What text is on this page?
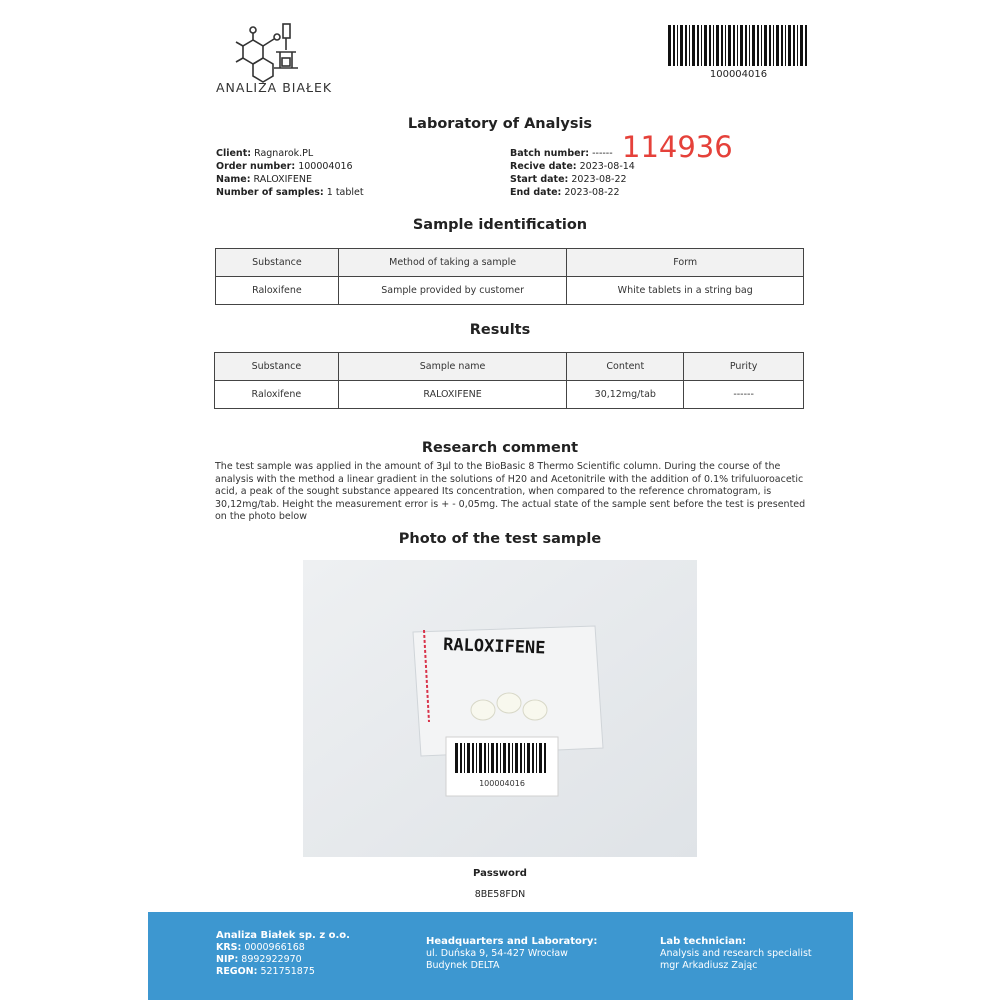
ANALIZA BIAŁEK
100004016
Laboratory of Analysis
114936
Client: Ragnarok.PL
Order number: 100004016
Name: RALOXIFENE
Number of samples: 1 tablet
Batch number: ------
Recive date: 2023-08-14
Start date: 2023-08-22
End date: 2023-08-22
Sample identification
Substance	Method of taking a sample	Form
Raloxifene	Sample provided by customer	White tablets in a string bag
Results
Substance	Sample name	Content	Purity
Raloxifene	RALOXIFENE	30,12mg/tab	------
Research comment
The test sample was applied in the amount of 3µl to the BioBasic 8 Thermo Scientific column. During the course of the analysis with the method a linear gradient in the solutions of H20 and Acetonitrile with the addition of 0.1% trifuluoroacetic acid, a peak of the sought substance appeared Its concentration, when compared to the reference chromatogram, is 30,12mg/tab. Height the measurement error is + - 0,05mg. The actual state of the sample sent before the test is presented on the photo below
Photo of the test sample
RALOXIFENE
100004016
Password
8BE58FDN
Analiza Białek sp. z o.o.
KRS: 0000966168
NIP: 8992922970
REGON: 521751875
Headquarters and Laboratory:
ul. Duńska 9, 54-427 Wrocław
Budynek DELTA
Lab technician:
Analysis and research specialist
mgr Arkadiusz Zając
